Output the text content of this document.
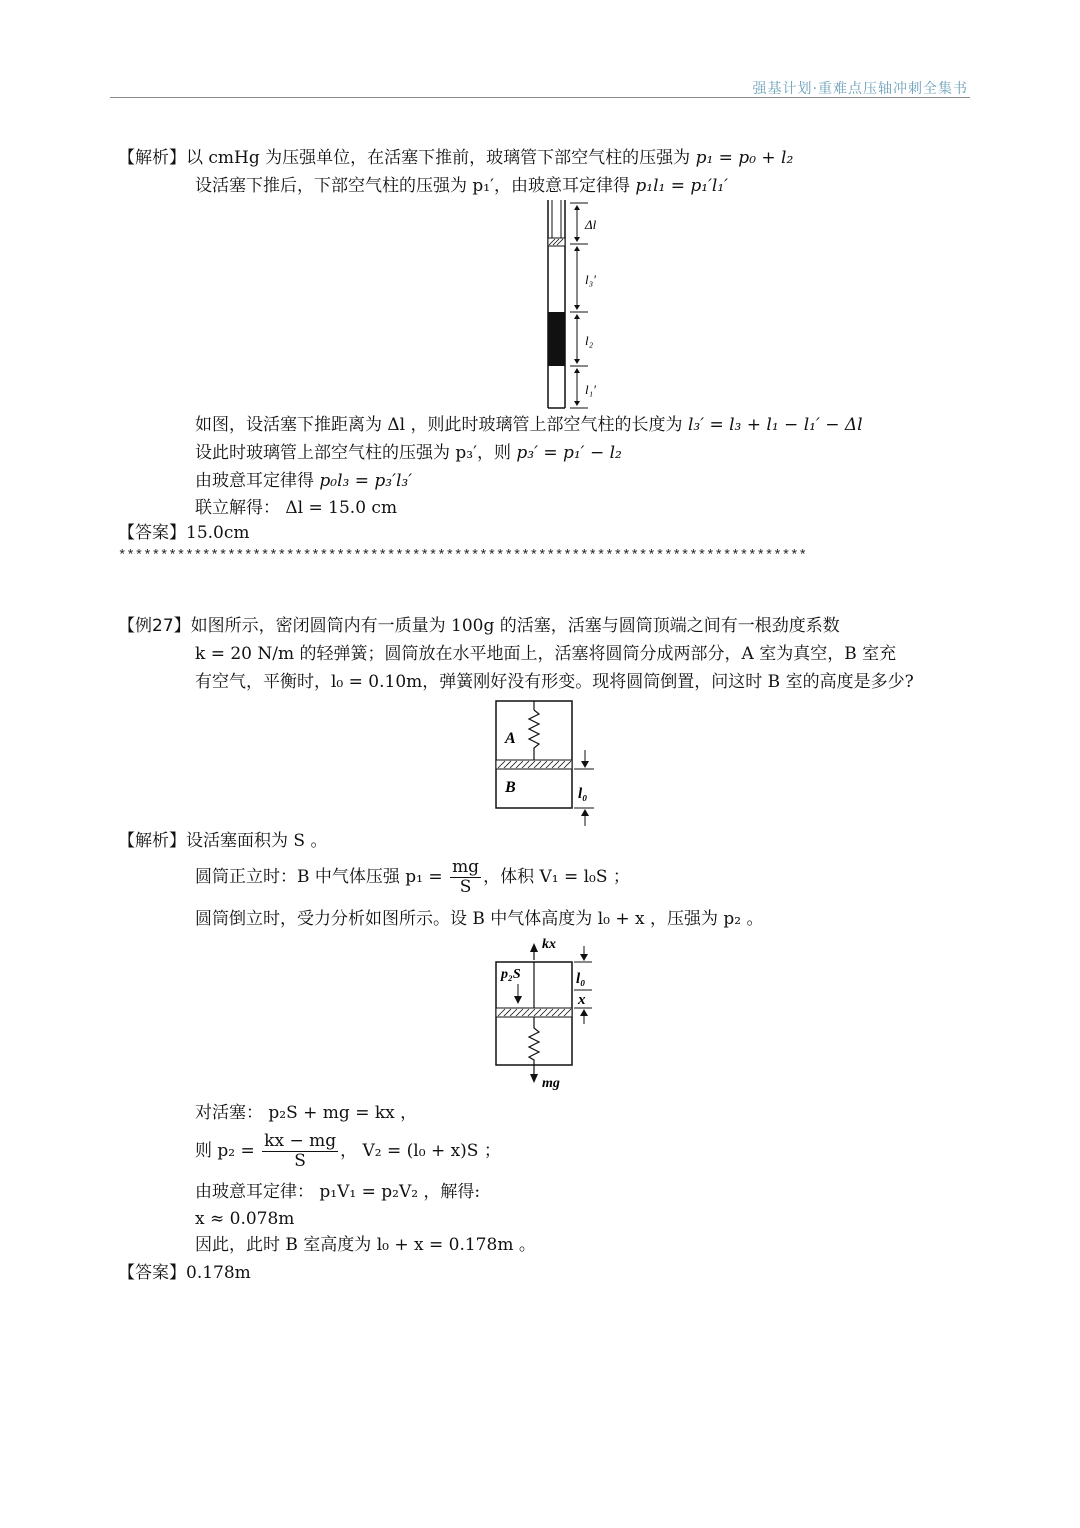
强基计划·重难点压轴冲刺全集书
【解析】以 cmHg 为压强单位，在活塞下推前，玻璃管下部空气柱的压强为 p₁ = p₀ + l₂
设活塞下推后，下部空气柱的压强为 p₁′，由玻意耳定律得 p₁l₁ = p₁′l₁′
Δl
l₃′
l₂
l₁′
如图，设活塞下推距离为 Δl ，则此时玻璃管上部空气柱的长度为 l₃′ = l₃ + l₁ − l₁′ − Δl
设此时玻璃管上部空气柱的压强为 p₃′，则 p₃′ = p₁′ − l₂
由玻意耳定律得 p₀l₃ = p₃′l₃′
联立解得： Δl = 15.0 cm
【答案】15.0cm
**********************************************************************************
【例27】如图所示，密闭圆筒内有一质量为 100g 的活塞，活塞与圆筒顶端之间有一根劲度系数
k = 20 N/m 的轻弹簧；圆筒放在水平地面上，活塞将圆筒分成两部分，A 室为真空，B 室充
有空气，平衡时，l₀ = 0.10m，弹簧刚好没有形变。现将圆筒倒置，问这时 B 室的高度是多少?
A
B	l₀
【解析】设活塞面积为 S 。
圆筒正立时：B 中气体压强 $p_1 = \frac{mg}{S}$ ，体积 V₁ = l₀S ；
圆筒倒立时，受力分析如图所示。设 B 中气体高度为 l₀ + x ，压强为 p₂ 。
kx
p₂S
mg
l₀
x
对活塞： p₂S + mg = kx ，
则 $p_2 = \frac{kx - mg}{S}$ ， V₂ = (l₀ + x)S ；
由玻意耳定律： p₁V₁ = p₂V₂ ，解得:
x ≈ 0.078m
因此，此时 B 室高度为 l₀ + x = 0.178m 。
【答案】0.178m
